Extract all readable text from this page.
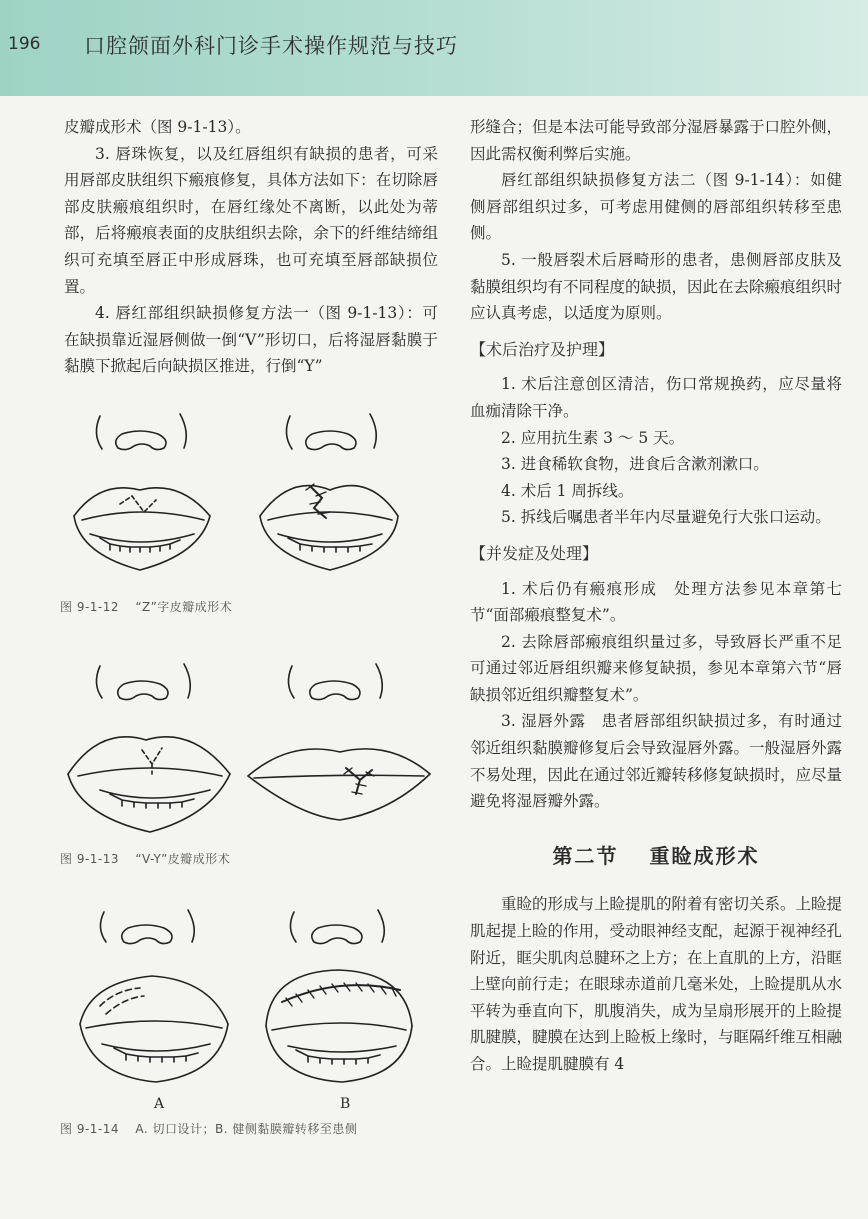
196 口腔颌面外科门诊手术操作规范与技巧

皮瓣成形术（图 9-1-13）。

3. 唇珠恢复，以及红唇组织有缺损的患者，可采用唇部皮肤组织下瘢痕修复，具体方法如下：在切除唇部皮肤瘢痕组织时，在唇红缘处不离断，以此处为蒂部，后将瘢痕表面的皮肤组织去除，余下的纤维结缔组织可充填至唇正中形成唇珠，也可充填至唇部缺损位置。

4. 唇红部组织缺损修复方法一（图 9-1-13）：可在缺损靠近湿唇侧做一倒“V”形切口，后将湿唇黏膜于黏膜下掀起后向缺损区推进，行倒“Y”

图 9-1-12 “Z”字皮瓣成形术
图 9-1-13 “V-Y”皮瓣成形术
A	B
图 9-1-14 A. 切口设计；B. 健侧黏膜瓣转移至患侧

形缝合；但是本法可能导致部分湿唇暴露于口腔外侧，因此需权衡利弊后实施。

唇红部组织缺损修复方法二（图 9-1-14）：如健侧唇部组织过多，可考虑用健侧的唇部组织转移至患侧。

5. 一般唇裂术后唇畸形的患者，患侧唇部皮肤及黏膜组织均有不同程度的缺损，因此在去除瘢痕组织时应认真考虑，以适度为原则。

【术后治疗及护理】

1. 术后注意创区清洁，伤口常规换药，应尽量将血痂清除干净。

2. 应用抗生素 3 ～ 5 天。

3. 进食稀软食物，进食后含漱剂漱口。

4. 术后 1 周拆线。

5. 拆线后嘱患者半年内尽量避免行大张口运动。

【并发症及处理】

1. 术后仍有瘢痕形成　处理方法参见本章第七节“面部瘢痕整复术”。

2. 去除唇部瘢痕组织量过多，导致唇长严重不足　可通过邻近唇组织瓣来修复缺损，参见本章第六节“唇缺损邻近组织瓣整复术”。

3. 湿唇外露　患者唇部组织缺损过多，有时通过邻近组织黏膜瓣修复后会导致湿唇外露。一般湿唇外露不易处理，因此在通过邻近瓣转移修复缺损时，应尽量避免将湿唇瓣外露。

第二节 重睑成形术

重睑的形成与上睑提肌的附着有密切关系。上睑提肌起提上睑的作用，受动眼神经支配，起源于视神经孔附近，眶尖肌肉总腱环之上方；在上直肌的上方，沿眶上壁向前行走；在眼球赤道前几毫米处，上睑提肌从水平转为垂直向下，肌腹消失，成为呈扇形展开的上睑提肌腱膜，腱膜在达到上睑板上缘时，与眶隔纤维互相融合。上睑提肌腱膜有 4
